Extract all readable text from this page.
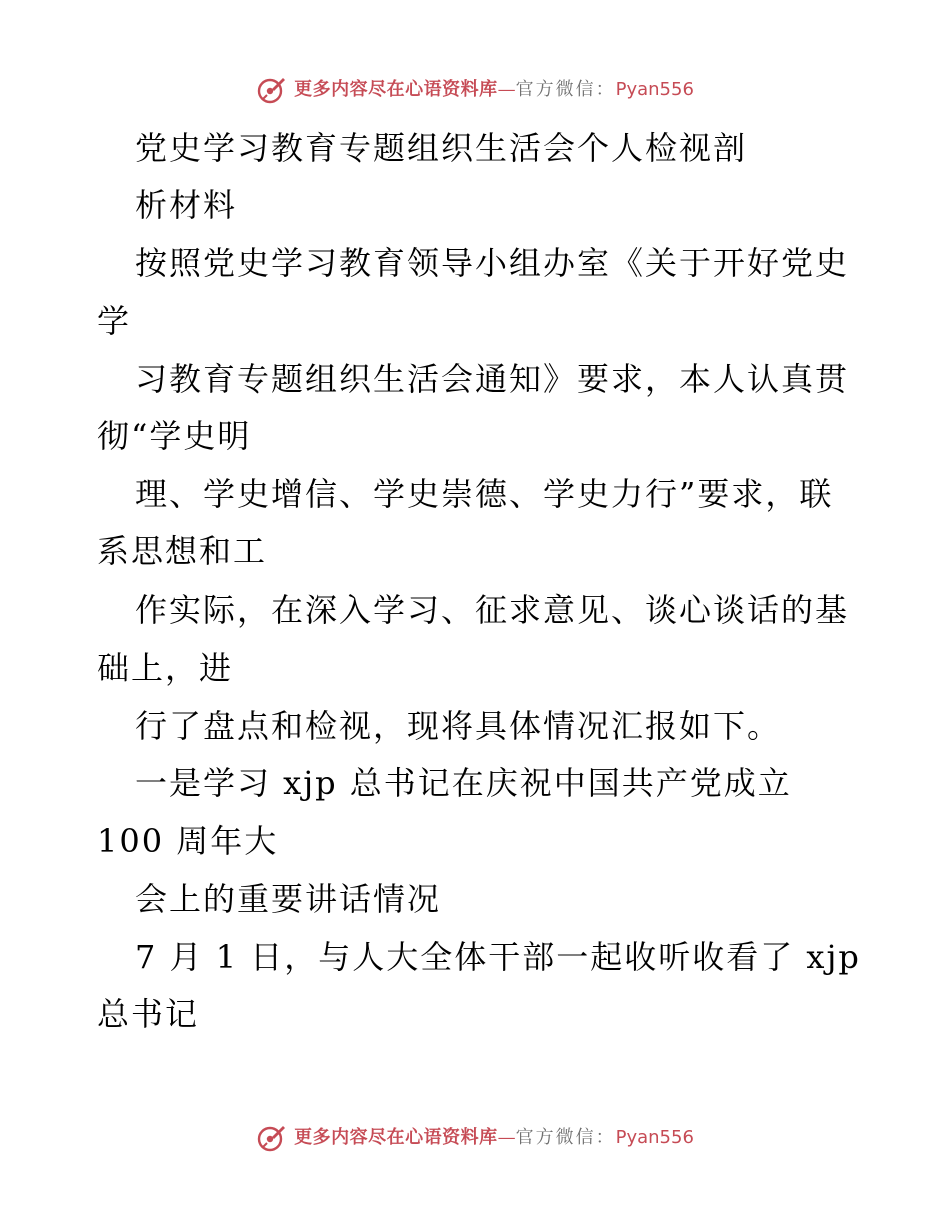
更多内容尽在心语资料库—官方微信：Pyan556
党史学习教育专题组织生活会个人检视剖
析材料
按照党史学习教育领导小组办室《关于开好党史
学
习教育专题组织生活会通知》要求，本人认真贯
彻“学史明
理、学史增信、学史崇德、学史力行”要求，联
系思想和工
作实际，在深入学习、征求意见、谈心谈话的基
础上，进
行了盘点和检视，现将具体情况汇报如下。
一是学习 xjp 总书记在庆祝中国共产党成立
100 周年大
会上的重要讲话情况
7 月 1 日，与人大全体干部一起收听收看了 xjp
总书记
更多内容尽在心语资料库—官方微信：Pyan556
